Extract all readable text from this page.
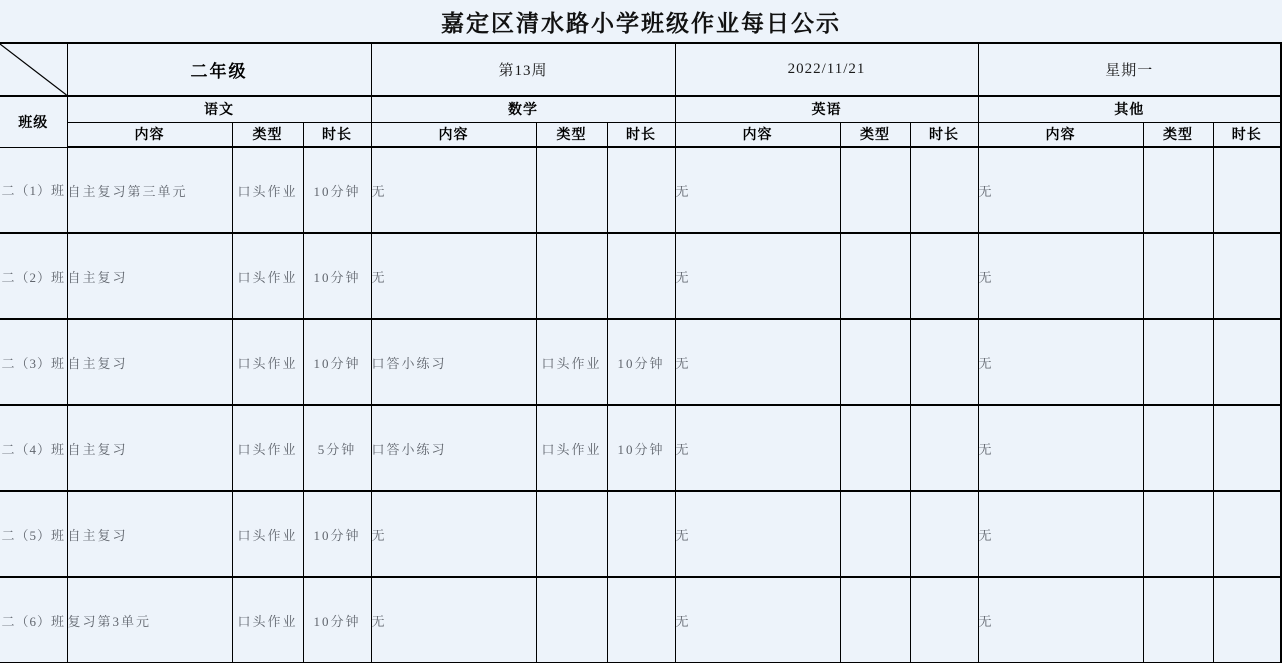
嘉定区清水路小学班级作业每日公示
	二年级			第13周			2022/11/21			星期一		
班级	语文			数学			英语			其他		
	内容	类型	时长	内容	类型	时长	内容	类型	时长	内容	类型	时长
二（1）班	自主复习第三单元	口头作业	10分钟	无			无			无		
二（2）班	自主复习	口头作业	10分钟	无			无			无		
二（3）班	自主复习	口头作业	10分钟	口答小练习	口头作业	10分钟	无			无		
二（4）班	自主复习	口头作业	5分钟	口答小练习	口头作业	10分钟	无			无		
二（5）班	自主复习	口头作业	10分钟	无			无			无		
二（6）班	复习第3单元	口头作业	10分钟	无			无			无		
